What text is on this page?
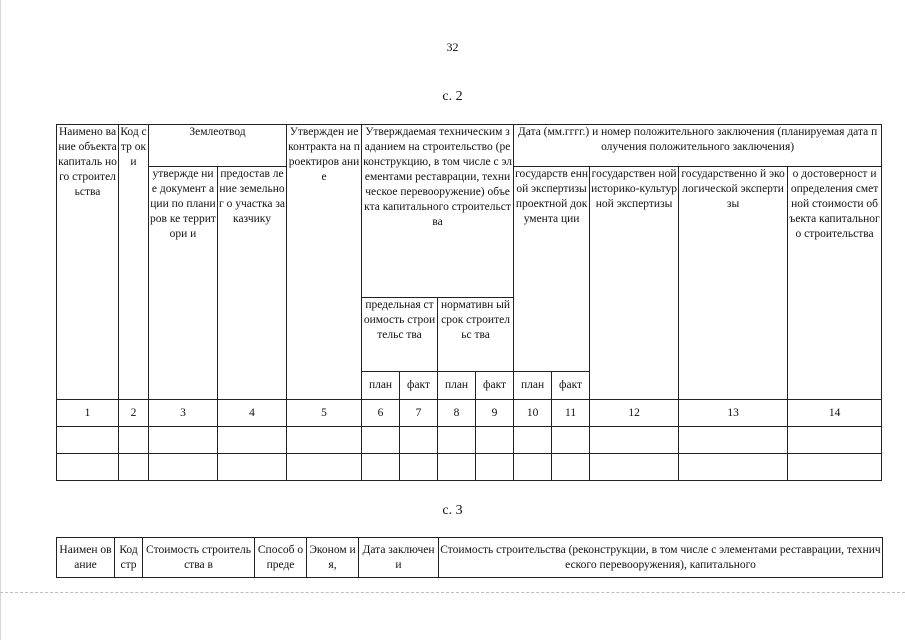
32
с. 2
Наимено вание объекта капиталь ного строител ьства	Код стр оки	Землеотвод		Утвержден ие контракта на проектиров ание	Утверждаемая техническим заданием на строительство (реконструкцию, в том числе с элементами реставрации, техническое перевооружение) объекта капитального строительства				Дата (мм.гггг.) и номер положительного заключения (планируемая дата получения положительного заключения)				
		утвержде ние документ ации по планиров ке территори и	предостав ление земельног о участка заказчику						государств енной экспертизы проектной документа ции		государствен ной историко-культурной экспертизы	государственно й экологической экспертизы	о достоверност и определения сметной стоимости объекта капитального строительства
					предельная стоимость строительс тва		нормативн ый срок строительс тва						
					план	факт	план	факт	план	факт			
1	2	3	4	5	6	7	8	9	10	11	12	13	14

с. 3
Наимен ование	Код стр	Стоимость строительства в	Способ опреде	Эконом ия,	Дата заключени	Стоимость строительства (реконструкции, в том числе с элементами реставрации, технического перевооружения), капитального
